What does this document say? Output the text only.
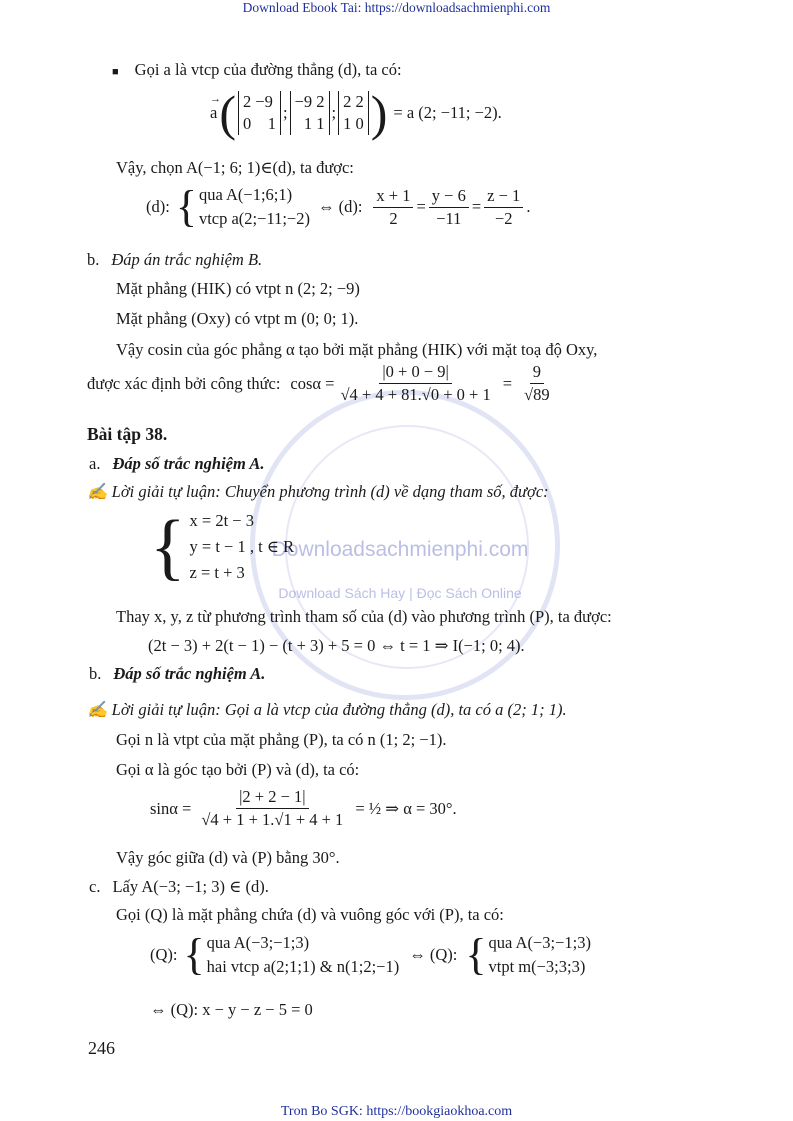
Download Ebook Tai: https://downloadsachmienphi.com
Tron Bo SGK: https://bookgiaokhoa.com
Downloadsachmienphi.com
Download Sách Hay | Đọc Sách Online
■ Gọi a là vtcp của đường thẳng (d), ta có:
→ a ( 2 −9
0    1
;
−9 2
1 1
;
2 2
1 0 ) = a (2; −11; −2).
Vậy, chọn A(−1; 6; 1)∈(d), ta được:
(d): { qua A(−1;6;1)
vtcp a(2;−11;−2)
⇔ (d): $\frac{x + 1}{2} = \frac{y - 6}{-11} = \frac{z - 1}{-2}$ .
b. Đáp án trắc nghiệm B.
Mặt phẳng (HIK) có vtpt n (2; 2; −9)
Mặt phẳng (Oxy) có vtpt m (0; 0; 1).
Vậy cosin của góc phẳng α tạo bởi mặt phẳng (HIK) với mặt toạ độ Oxy,
được xác định bởi công thức: $\cos\alpha = \frac{|0 + 0 - 9|}{√4 + 4 + 81.√0 + 0 + 1} = \frac{9}{√89}$
Bài tập 38.
a. Đáp số trắc nghiệm A.
✍ Lời giải tự luận: Chuyển phương trình (d) về dạng tham số, được:
{ x = 2t − 3
y = t − 1 , t ∈ R
z = t + 3
Thay x, y, z từ phương trình tham số của (d) vào phương trình (P), ta được:
(2t − 3) + 2(t − 1) − (t + 3) + 5 = 0 ⇔ t = 1 ⇒ I(−1; 0; 4).
b. Đáp số trắc nghiệm A.
✍ Lời giải tự luận: Gọi a là vtcp của đường thẳng (d), ta có a (2; 1; 1).
Gọi n là vtpt của mặt phẳng (P), ta có n (1; 2; −1).
Gọi α là góc tạo bởi (P) và (d), ta có:
$\sin\alpha = \frac{|2 + 2 - 1|}{√4 + 1 + 1.√1 + 4 + 1}$ = ½ ⇒ α = 30°.
Vậy góc giữa (d) và (P) bằng 30°.
c. Lấy A(−3; −1; 3) ∈ (d).
Gọi (Q) là mặt phẳng chứa (d) và vuông góc với (P), ta có:
(Q): { qua A(−3;−1;3)
hai vtcp a(2;1;1) & n(1;2;−1)
⇔ (Q): { qua A(−3;−1;3)
vtpt m(−3;3;3)
⇔ (Q): x − y − z − 5 = 0
246
